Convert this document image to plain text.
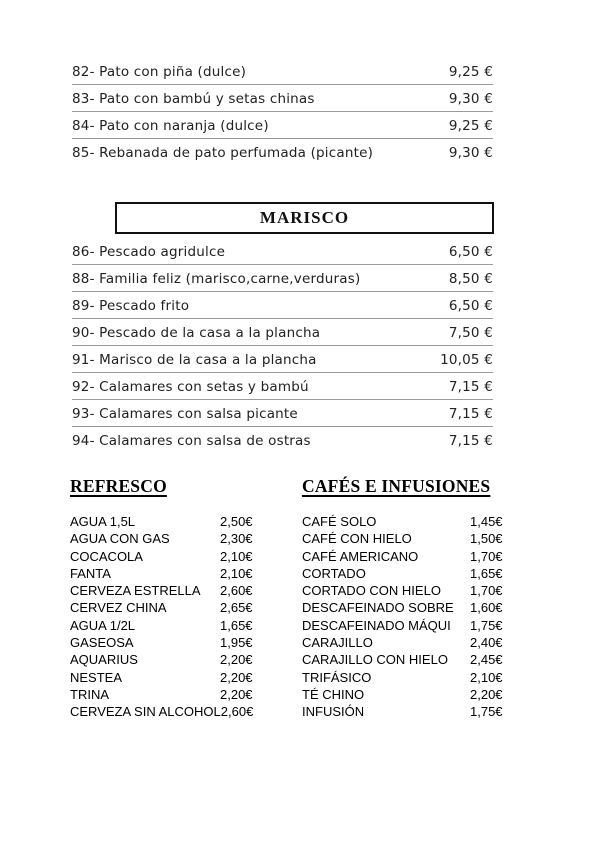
82- Pato con piña (dulce)	9,25 €
83- Pato con bambú y setas chinas	9,30 €
84- Pato con naranja (dulce)	9,25 €
85- Rebanada de pato perfumada (picante)	9,30 €
MARISCO
86- Pescado agridulce	6,50 €
88- Familia feliz (marisco,carne,verduras)	8,50 €
89- Pescado frito	6,50 €
90- Pescado de la casa a la plancha	7,50 €
91- Marisco de la casa a la plancha	10,05 €
92- Calamares con setas y bambú	7,15 €
93- Calamares con salsa picante	7,15 €
94- Calamares con salsa de ostras	7,15 €
REFRESCO
AGUA 1,5L	2,50€
AGUA CON GAS	2,30€
COCACOLA	2,10€
FANTA	2,10€
CERVEZA ESTRELLA	2,60€
CERVEZ CHINA	2,65€
AGUA 1/2L	1,65€
GASEOSA	1,95€
AQUARIUS	2,20€
NESTEA	2,20€
TRINA	2,20€
CERVEZA SIN ALCOHOL 2,60€
CAFÉS E INFUSIONES
CAFÉ SOLO	1,45€
CAFÉ CON HIELO	1,50€
CAFÉ AMERICANO	1,70€
CORTADO	1,65€
CORTADO CON HIELO	1,70€
DESCAFEINADO SOBRE	1,60€
DESCAFEINADO MÁQUI	1,75€
CARAJILLO	2,40€
CARAJILLO CON HIELO	2,45€
TRIFÁSICO	2,10€
TÉ CHINO	2,20€
INFUSIÓN	1,75€
